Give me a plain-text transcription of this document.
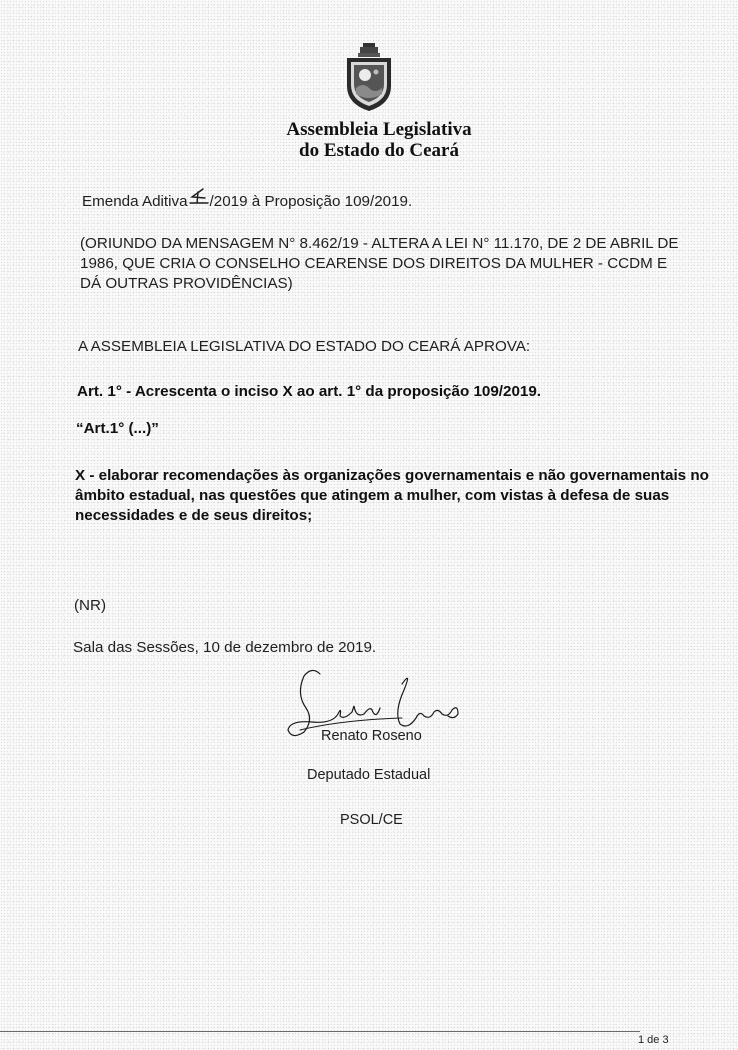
Assembleia Legislativa
do Estado do Ceará
Emenda Aditiva /2019 à Proposição 109/2019.
(ORIUNDO DA MENSAGEM N° 8.462/19 - ALTERA A LEI N° 11.170, DE 2 DE ABRIL DE
1986, QUE CRIA O CONSELHO CEARENSE DOS DIREITOS DA MULHER - CCDM E
DÁ OUTRAS PROVIDÊNCIAS)
A ASSEMBLEIA LEGISLATIVA DO ESTADO DO CEARÁ APROVA:
Art. 1° - Acrescenta o inciso X ao art. 1° da proposição 109/2019.
“Art.1° (...)”
X - elaborar recomendações às organizações governamentais e não governamentais no
âmbito estadual, nas questões que atingem a mulher, com vistas à defesa de suas
necessidades e de seus direitos;
(NR)
Sala das Sessões, 10 de dezembro de 2019.
Renato Roseno
Deputado Estadual
PSOL/CE
1 de 3
